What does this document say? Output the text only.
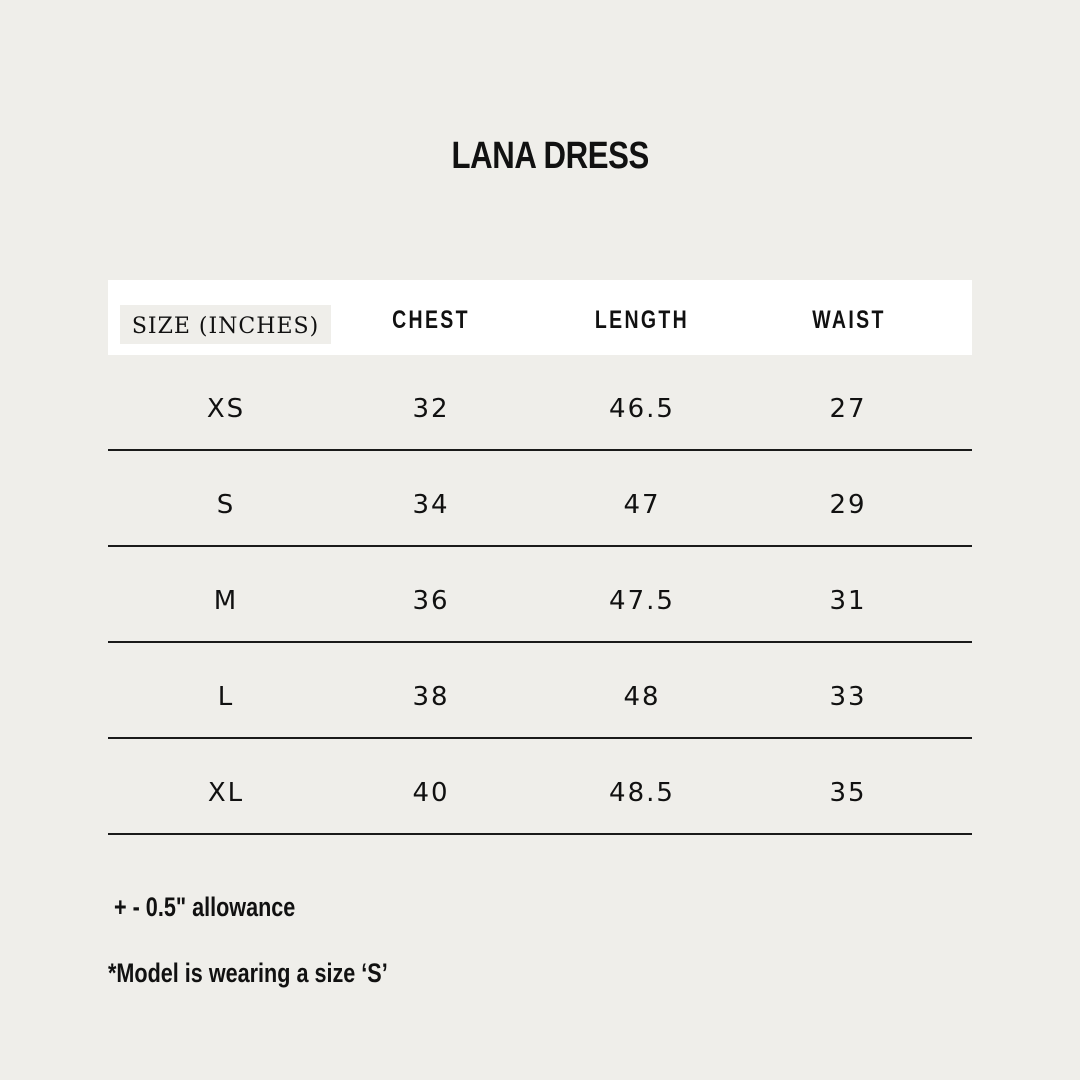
LANA DRESS
SIZE (INCHES)	CHEST	LENGTH	WAIST
XS	32	46.5	27
S	34	47	29
M	36	47.5	31
L	38	48	33
XL	40	48.5	35
+ - 0.5" allowance
*Model is wearing a size ‘S’
